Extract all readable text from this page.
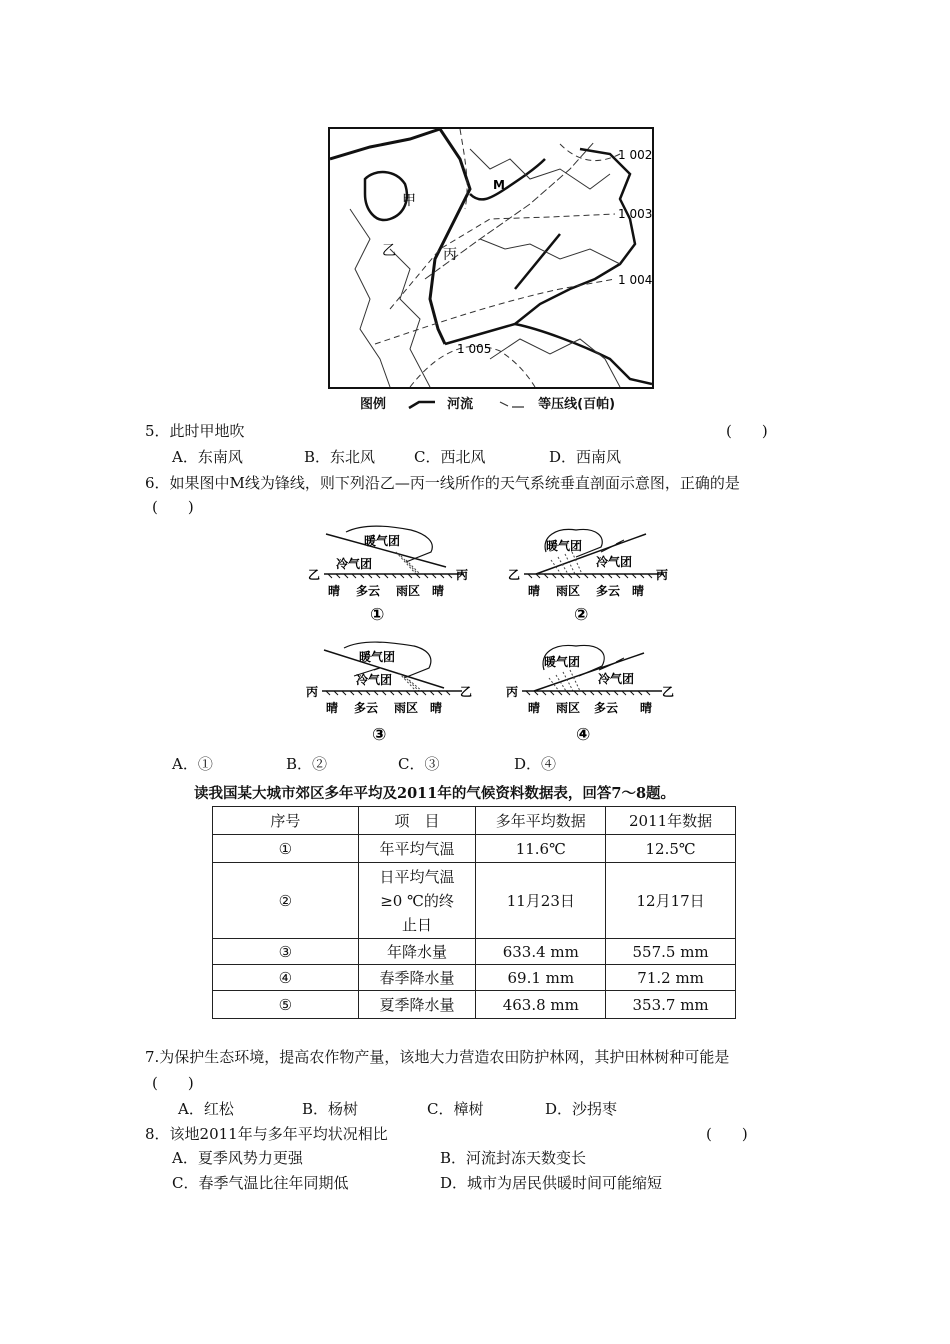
甲
乙	丙
M
1 002
1 003
1 004
1 005
图例	河流	等压线(百帕)
5．此时甲地吹	(　　)
A．东南风	B．东北风	C．西北风	D．西南风
6．如果图中M线为锋线，则下列沿乙—丙一线所作的天气系统垂直剖面示意图，正确的是
(　　)
暖气团
冷气团
乙	丙
晴 多云 雨区 晴
①
暖气团
冷气团
乙	丙
晴 雨区 多云 晴
②
暖气团
冷气团
丙	乙
晴 多云 雨区 晴
③
暖气团
冷气团
丙	乙
晴 雨区 多云 晴
④
A．①	B．②	C．③	D．④
读我国某大城市郊区多年平均及2011年的气候资料数据表，回答7～8题。
序号	项　目	多年平均数据	2011年数据
①	年平均气温	11.6℃	12.5℃
②	日平均气温
≥0 ℃的终
止日	11月23日	12月17日
③	年降水量	633.4 mm	557.5 mm
④	春季降水量	69.1 mm	71.2 mm
⑤	夏季降水量	463.8 mm	353.7 mm
7.为保护生态环境，提高农作物产量，该地大力营造农田防护林网，其护田林树种可能是
(　　)
A．红松	B．杨树	C．樟树	D．沙拐枣
8．该地2011年与多年平均状况相比	(　　)
A．夏季风势力更强	B．河流封冻天数变长
C．春季气温比往年同期低	D．城市为居民供暖时间可能缩短
